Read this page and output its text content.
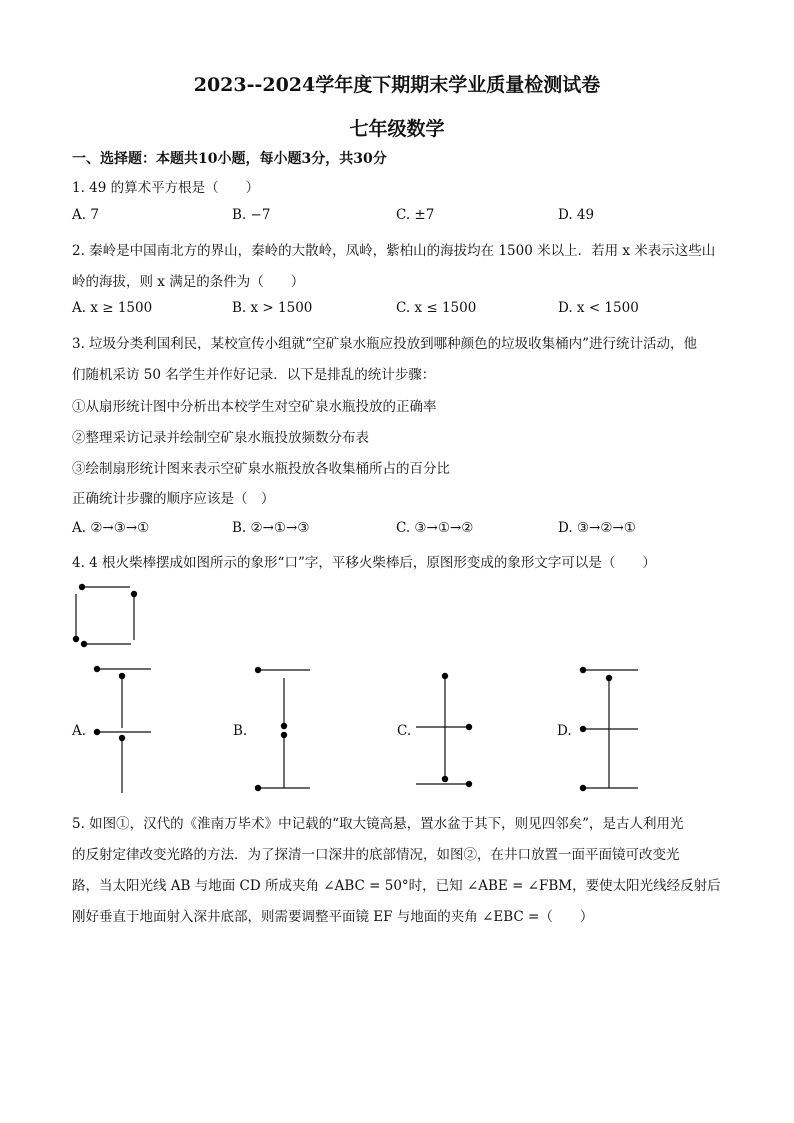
2023--2024学年度下期期末学业质量检测试卷
七年级数学
一、选择题：本题共10小题，每小题3分，共30分
1. 49 的算术平方根是（　　）
A. 7	B. −7	C. ±7	D. 49
2. 秦岭是中国南北方的界山，秦岭的大散岭，凤岭，紫柏山的海拔均在 1500 米以上．若用 x 米表示这些山
岭的海拔，则 x 满足的条件为（　　）
A. x ≥ 1500	B. x > 1500	C. x ≤ 1500	D. x < 1500
3. 垃圾分类利国利民，某校宣传小组就“空矿泉水瓶应投放到哪种颜色的垃圾收集桶内”进行统计活动，他
们随机采访 50 名学生并作好记录．以下是排乱的统计步骤：
①从扇形统计图中分析出本校学生对空矿泉水瓶投放的正确率
②整理采访记录并绘制空矿泉水瓶投放频数分布表
③绘制扇形统计图来表示空矿泉水瓶投放各收集桶所占的百分比
正确统计步骤的顺序应该是（　）
A. ②→③→①	B. ②→①→③	C. ③→①→②	D. ③→②→①
4. 4 根火柴棒摆成如图所示的象形“口”字，平移火柴棒后，原图形变成的象形文字可以是（　　）
A.	B.	C.	D.
5. 如图①，汉代的《淮南万毕术》中记载的“取大镜高悬，置水盆于其下，则见四邻矣”，是古人利用光
的反射定律改变光路的方法．为了探清一口深井的底部情况，如图②，在井口放置一面平面镜可改变光
路，当太阳光线 AB 与地面 CD 所成夹角 ∠ABC = 50°时，已知 ∠ABE = ∠FBM，要使太阳光线经反射后
刚好垂直于地面射入深井底部，则需要调整平面镜 EF 与地面的夹角 ∠EBC =（　　）
